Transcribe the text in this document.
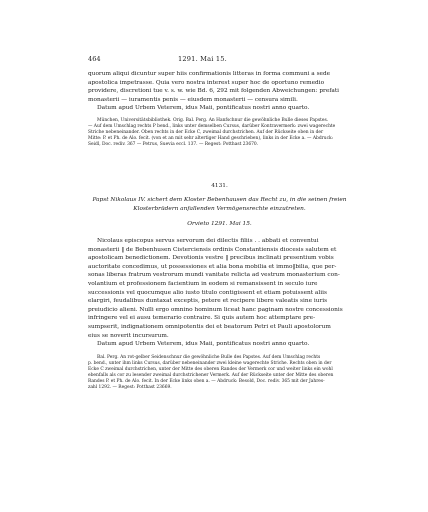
464	1291. Mai 15.

quorum aliqui dicuntur super hiis confirmationis litteras in forma communi a sede

apostolica impetrasse. Quia vero nostra interest super hoc de oportuno remedio

providere, discretioni tue v. s. w. wie Bd. 6, 292 mit folgenden Abweichungen: prefati

monasterii — iuramentis penis — eiusdem monasterii — censura simili.

Datum apud Urbem Veterem, idus Maii, pontificatus nostri anno quarto.

München, Universitätsbibliothek. Orig. Bal. Perg. An Hanfschnur die gewöhnliche Bulle dieses Papstes.

— Auf dem Umschlag rechts P bend., links unter demselben Cursus, darüber Kontravermerk: zwei wagerechte

Striche nebeneinander. Oben rechts in der Ecke C, zweimal durchstrichen. Auf der Rückseite oben in der

Mitte: P. et Ph. de Alo. fecit. (von et an mit sehr altertiger Hand geschrieben), links in der Ecke a. — Abdruck:

Seidl, Doc. rediv. 367 — Petrus, Suevia eccl. 137. — Regest: Potthast 23670.

4131.

Papst Nikolaus IV. sichert dem Kloster Bebenhausen das Recht zu, in die seinen freien

Klosterbrüdern anfallenden Vermögensrechte einzutreten.

Orvieto 1291. Mai 15.

Nicolaus episcopus servus servorum dei dilectis filiis . . abbati et conventui

monasterii ‖ de Bebenhusen Cisterciensis ordinis Constantiensis diocesis salutem et

apostolicam benedictionem. Devotionis vestre ‖ precibus inclinati presentium vobis

auctoritate concedimus, ut possessiones et alia bona mobilia et immo‖bilia, que per-

sonas liberas fratrum vestrorum mundi vanitate relicta ad vestrum monasterium con-

volantium et professionem facientium in eodem si remansissent in seculo iure

successionis vel quocumque alio iusto titulo contigissent et etiam potuissent aliis

elargiri, feudalibus duntaxat exceptis, petere et recipere libere valeatis sine iuris

preiudicio alieni. Nulli ergo omnino hominum liceat hanc paginam nostre concessionis

infringere vel ei ausu temerario contraire. Si quis autem hoc attemptare pre-

sumpserit, indignationem omnipotentis dei et beatorum Petri et Pauli apostolorum

eius se noverit incursurum.

Datum apud Urbem Veterem, idus Maii, pontificatus nostri anno quarto.

Bal. Perg. An rot-gelber Seidenschnur die gewöhnliche Bulle des Papstes. Auf dem Umschlag rechts

p. bend., unter ihm links Cursus, darüber nebeneinander zwei kleine wagerechte Striche. Rechts oben in der

Ecke C zweimal durchstrichen, unter der Mitte des oberen Randes der Vermerk cor und weiter links ein wohl

ebenfalls als cor zu lesender zweimal durchstrichener Vermerk. Auf der Rückseite unter der Mitte des oberen

Randes P. et Ph. de Alo. fecit. In der Ecke links oben a. — Abdruck: Besold, Doc. rediv. 365 mit der Jahres-

zahl 1292. — Regest: Potthast 23669.
